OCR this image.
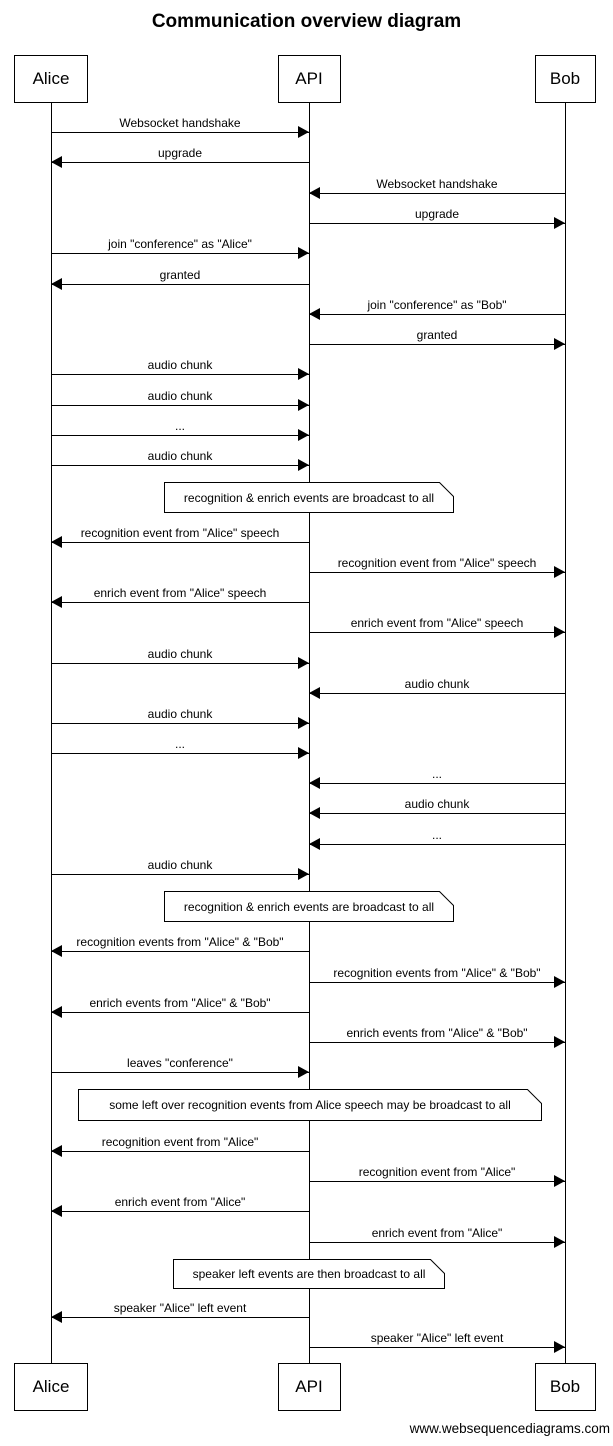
Communication overview diagram
www.websequencediagrams.com
Alice
Alice
API
API
Bob
Bob
Websocket handshake
upgrade
Websocket handshake
upgrade
join "conference" as "Alice"
granted
join "conference" as "Bob"
granted
audio chunk
audio chunk
...
audio chunk
recognition & enrich events are broadcast to all
recognition event from "Alice" speech
recognition event from "Alice" speech
enrich event from "Alice" speech
enrich event from "Alice" speech
audio chunk
audio chunk
audio chunk
...
...
audio chunk
...
audio chunk
recognition & enrich events are broadcast to all
recognition events from "Alice" & "Bob"
recognition events from "Alice" & "Bob"
enrich events from "Alice" & "Bob"
enrich events from "Alice" & "Bob"
leaves "conference"
some left over recognition events from Alice speech may be broadcast to all
recognition event from "Alice"
recognition event from "Alice"
enrich event from "Alice"
enrich event from "Alice"
speaker left events are then broadcast to all
speaker "Alice" left event
speaker "Alice" left event
